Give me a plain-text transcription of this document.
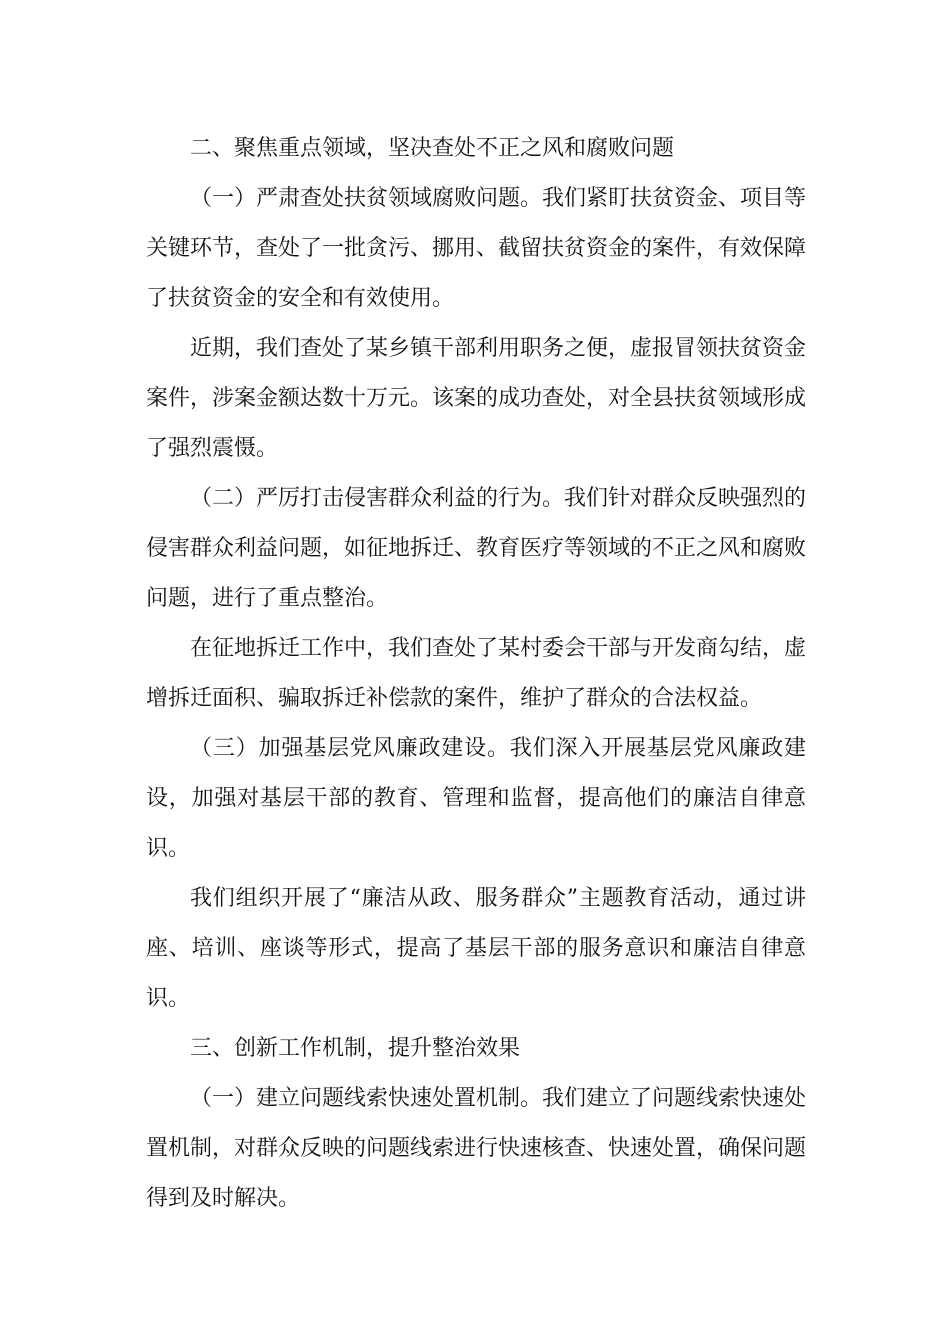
二、聚焦重点领域，坚决查处不正之风和腐败问题

（一）严肃查处扶贫领域腐败问题。我们紧盯扶贫资金、项目等关键环节，查处了一批贪污、挪用、截留扶贫资金的案件，有效保障了扶贫资金的安全和有效使用。

近期，我们查处了某乡镇干部利用职务之便，虚报冒领扶贫资金案件，涉案金额达数十万元。该案的成功查处，对全县扶贫领域形成了强烈震慑。

（二）严厉打击侵害群众利益的行为。我们针对群众反映强烈的侵害群众利益问题，如征地拆迁、教育医疗等领域的不正之风和腐败问题，进行了重点整治。

在征地拆迁工作中，我们查处了某村委会干部与开发商勾结，虚增拆迁面积、骗取拆迁补偿款的案件，维护了群众的合法权益。

（三）加强基层党风廉政建设。我们深入开展基层党风廉政建设，加强对基层干部的教育、管理和监督，提高他们的廉洁自律意识。

我们组织开展了“廉洁从政、服务群众”主题教育活动，通过讲座、培训、座谈等形式，提高了基层干部的服务意识和廉洁自律意识。

三、创新工作机制，提升整治效果

（一）建立问题线索快速处置机制。我们建立了问题线索快速处置机制，对群众反映的问题线索进行快速核查、快速处置，确保问题得到及时解决。
